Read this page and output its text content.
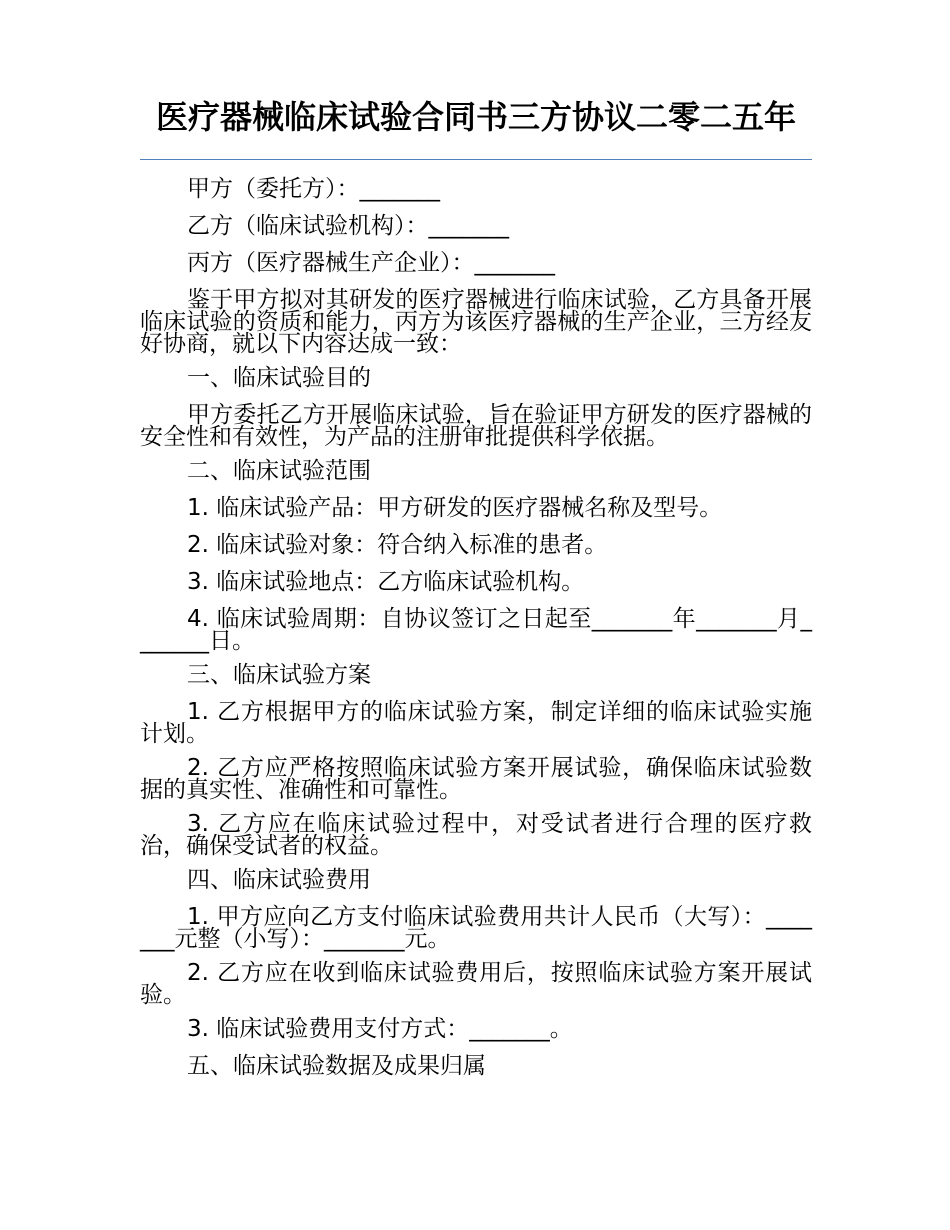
医疗器械临床试验合同书三方协议二零二五年

甲方（委托方）：_______

乙方（临床试验机构）：_______

丙方（医疗器械生产企业）：_______

鉴于甲方拟对其研发的医疗器械进行临床试验，乙方具备开展临床试验的资质和能力，丙方为该医疗器械的生产企业，三方经友好协商，就以下内容达成一致：

一、临床试验目的

甲方委托乙方开展临床试验，旨在验证甲方研发的医疗器械的安全性和有效性，为产品的注册审批提供科学依据。

二、临床试验范围

1. 临床试验产品：甲方研发的医疗器械名称及型号。

2. 临床试验对象：符合纳入标准的患者。

3. 临床试验地点：乙方临床试验机构。

4. 临床试验周期：自协议签订之日起至_______年_______月_______日。

三、临床试验方案

1. 乙方根据甲方的临床试验方案，制定详细的临床试验实施计划。

2. 乙方应严格按照临床试验方案开展试验，确保临床试验数据的真实性、准确性和可靠性。

3. 乙方应在临床试验过程中，对受试者进行合理的医疗救治，确保受试者的权益。

四、临床试验费用

1. 甲方应向乙方支付临床试验费用共计人民币（大写）：_______元整（小写）：_______元。

2. 乙方应在收到临床试验费用后，按照临床试验方案开展试验。

3. 临床试验费用支付方式：_______。

五、临床试验数据及成果归属
